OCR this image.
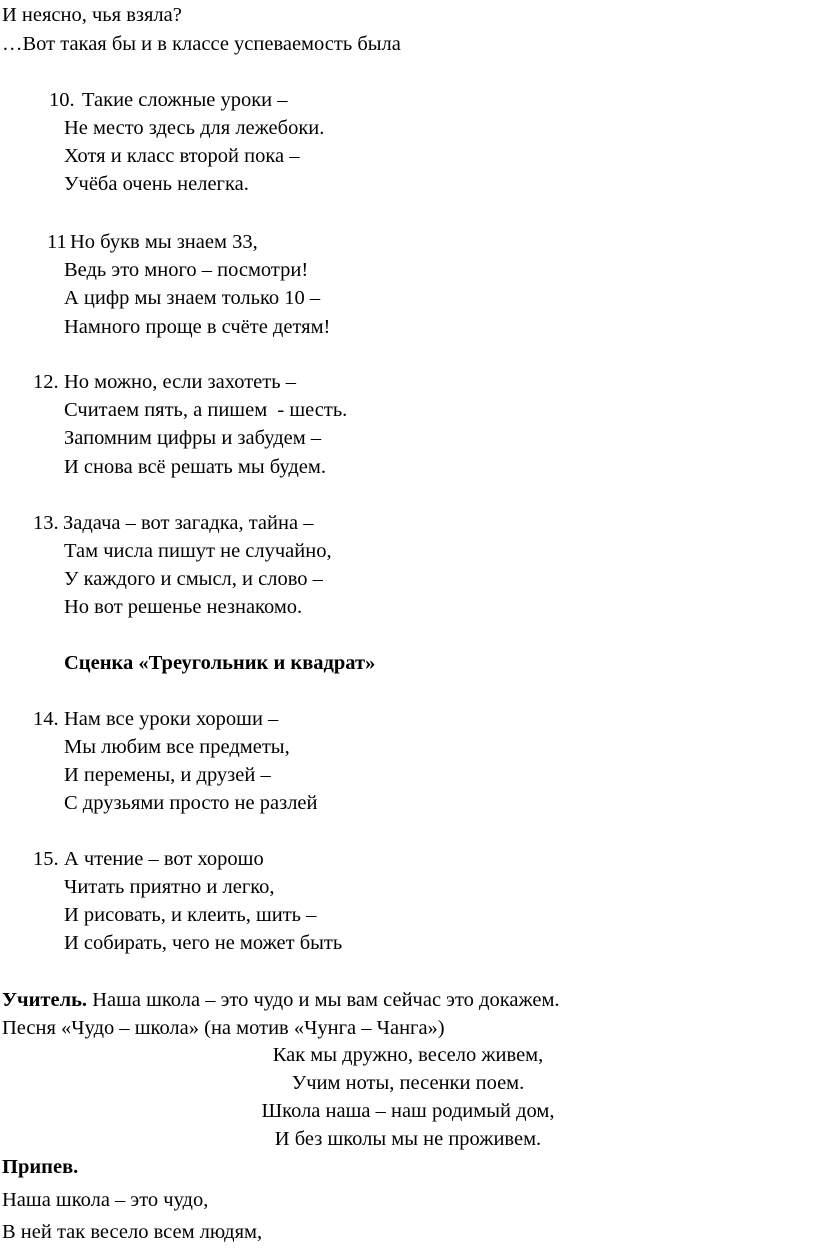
И неясно, чья взяла?
…Вот такая бы и в классе успеваемость была
10. Такие сложные уроки –
Не место здесь для лежебоки.
Хотя и класс второй пока –
Учёба очень нелегка.
11 Но букв мы знаем 33,
Ведь это много – посмотри!
А цифр мы знаем только 10 –
Намного проще в счёте детям!
12. Но можно, если захотеть –
Считаем пять, а пишем  - шесть.
Запомним цифры и забудем –
И снова всё решать мы будем.
13. Задача – вот загадка, тайна –
Там числа пишут не случайно,
У каждого и смысл, и слово –
Но вот решенье незнакомо.
Сценка «Треугольник и квадрат»
14. Нам все уроки хороши –
Мы любим все предметы,
И перемены, и друзей –
С друзьями просто не разлей
15. А чтение – вот хорошо
Читать приятно и легко,
И рисовать, и клеить, шить –
И собирать, чего не может быть
Учитель. Наша школа – это чудо и мы вам сейчас это докажем.
Песня «Чудо – школа» (на мотив «Чунга – Чанга»)
Как мы дружно, весело живем,
Учим ноты, песенки поем.
Школа наша – наш родимый дом,
И без школы мы не проживем.
Припев.
Наша школа – это чудо,
В ней так весело всем людям,
